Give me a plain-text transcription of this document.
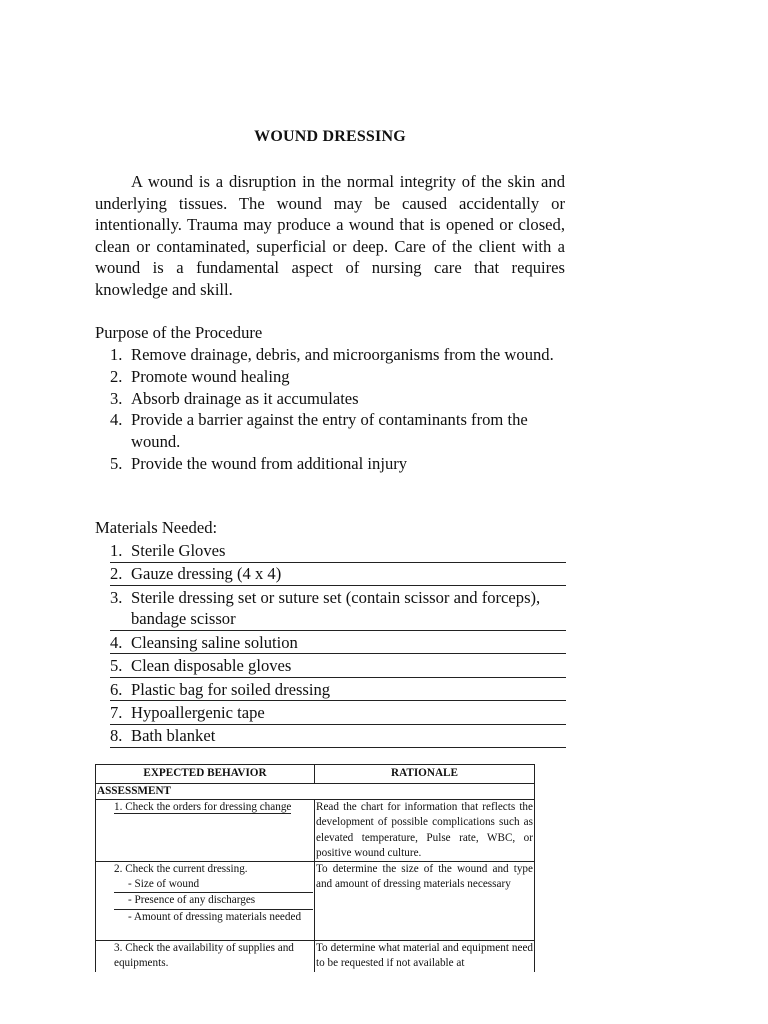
WOUND DRESSING

A wound is a disruption in the normal integrity of the skin and underlying tissues. The wound may be caused accidentally or intentionally. Trauma may produce a wound that is opened or closed, clean or contaminated, superficial or deep. Care of the client with a wound is a fundamental aspect of nursing care that requires knowledge and skill.

Purpose of the Procedure
1. Remove drainage, debris, and microorganisms from the wound.
2. Promote wound healing
3. Absorb drainage as it accumulates
4. Provide a barrier against the entry of contaminants from the wound.
5. Provide the wound from additional injury
Materials Needed:
1. Sterile Gloves
2. Gauze dressing (4 x 4)
3. Sterile dressing set or suture set (contain scissor and forceps), bandage scissor
4. Cleansing saline solution
5. Clean disposable gloves
6. Plastic bag for soiled dressing
7. Hypoallergenic tape
8. Bath blanket
EXPECTED BEHAVIOR	RATIONALE
ASSESSMENT	
1. Check the orders for dressing change	Read the chart for information that reflects the development of possible complications such as elevated temperature, Pulse rate, WBC, or positive wound culture.

2. Check the current dressing.
- Size of wound
- Presence of any discharges
- Amount of dressing materials needed	To determine the size of the wound and type and amount of dressing materials necessary
3. Check the availability of supplies and equipments.	To determine what material and equipment need to be requested if not available at
